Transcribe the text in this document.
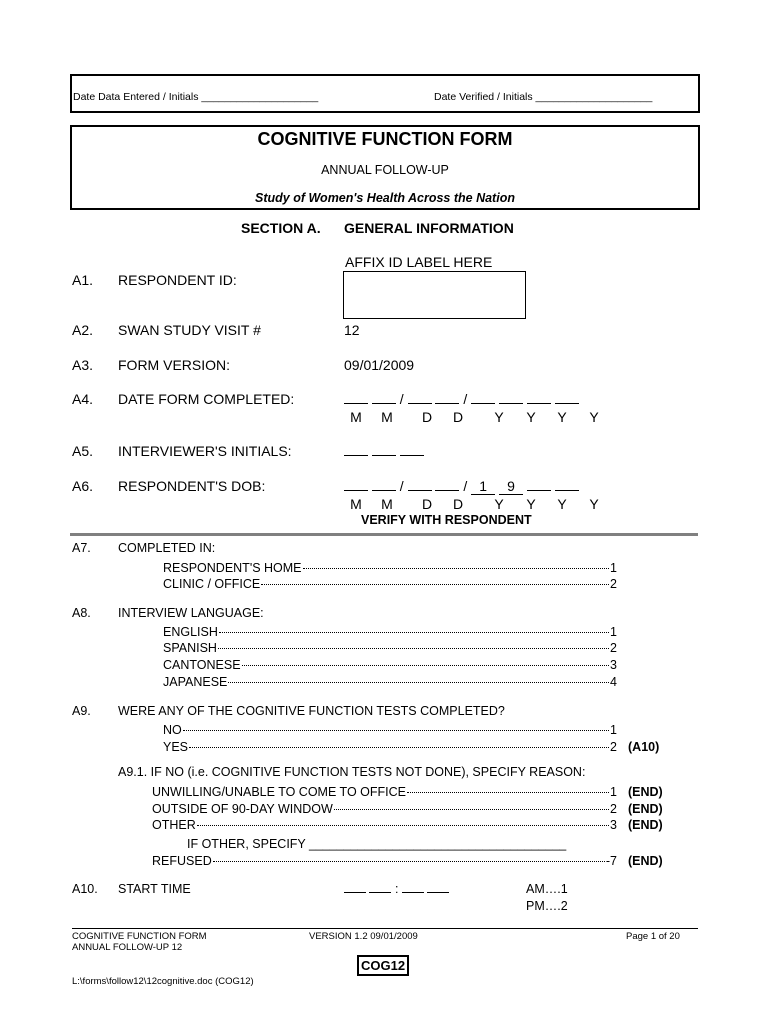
Date Data Entered / Initials ____________________	Date Verified / Initials ____________________
COGNITIVE FUNCTION FORM
ANNUAL FOLLOW-UP
Study of Women's Health Across the Nation
SECTION A. GENERAL INFORMATION
A1. RESPONDENT ID:
AFFIX ID LABEL HERE
A2. SWAN STUDY VISIT #	12
A3. FORM VERSION:	09/01/2009
A4. DATE FORM COMPLETED:	/	/
M M D D	Y	Y	Y	Y
A5. INTERVIEWER'S INITIALS:

A6. RESPONDENT'S DOB:	/	/ 1 9
M M D D	Y	Y	Y	Y
VERIFY WITH RESPONDENT
A7. COMPLETED IN:
RESPONDENT'S HOME	1
CLINIC / OFFICE	2
A8. INTERVIEW LANGUAGE:
ENGLISH	1
SPANISH	2
CANTONESE	3
JAPANESE	4
A9. WERE ANY OF THE COGNITIVE FUNCTION TESTS COMPLETED?
NO	1
YES	2 (A10)
A9.1. IF NO (i.e. COGNITIVE FUNCTION TESTS NOT DONE), SPECIFY REASON:
UNWILLING/UNABLE TO COME TO OFFICE	1 (END)
OUTSIDE OF 90-DAY WINDOW	2 (END)
OTHER	3 (END)
IF OTHER, SPECIFY _____________________________________
REFUSED	-7 (END)
A10. START TIME	:	AM….1
PM….2
COGNITIVE FUNCTION FORM
ANNUAL FOLLOW-UP 12
VERSION 1.2 09/01/2009	Page 1 of 20
COG12
L:\forms\follow12\12cognitive.doc (COG12)
